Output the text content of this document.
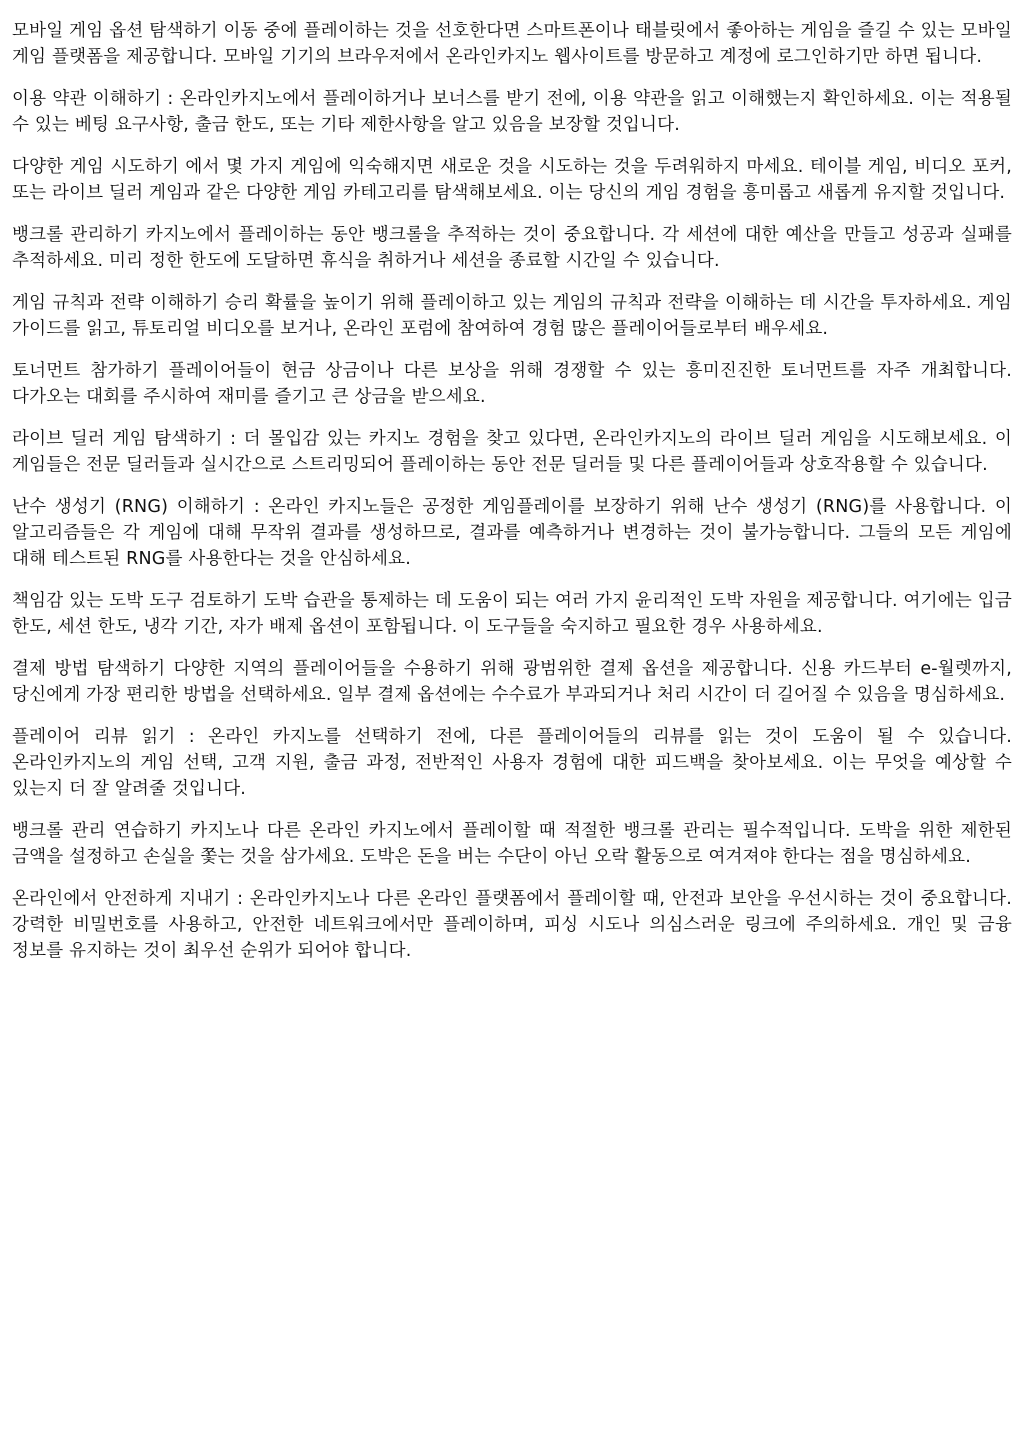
모바일 게임 옵션 탐색하기 이동 중에 플레이하는 것을 선호한다면 스마트폰이나 태블릿에서 좋아하는 게임을 즐길 수 있는 모바일 게임 플랫폼을 제공합니다. 모바일 기기의 브라우저에서 온라인카지노 웹사이트를 방문하고 계정에 로그인하기만 하면 됩니다.

이용 약관 이해하기 : 온라인카지노에서 플레이하거나 보너스를 받기 전에, 이용 약관을 읽고 이해했는지 확인하세요. 이는 적용될 수 있는 베팅 요구사항, 출금 한도, 또는 기타 제한사항을 알고 있음을 보장할 것입니다.

다양한 게임 시도하기 에서 몇 가지 게임에 익숙해지면 새로운 것을 시도하는 것을 두려워하지 마세요. 테이블 게임, 비디오 포커, 또는 라이브 딜러 게임과 같은 다양한 게임 카테고리를 탐색해보세요. 이는 당신의 게임 경험을 흥미롭고 새롭게 유지할 것입니다.

뱅크롤 관리하기 카지노에서 플레이하는 동안 뱅크롤을 추적하는 것이 중요합니다. 각 세션에 대한 예산을 만들고 성공과 실패를 추적하세요. 미리 정한 한도에 도달하면 휴식을 취하거나 세션을 종료할 시간일 수 있습니다.

게임 규칙과 전략 이해하기 승리 확률을 높이기 위해 플레이하고 있는 게임의 규칙과 전략을 이해하는 데 시간을 투자하세요. 게임 가이드를 읽고, 튜토리얼 비디오를 보거나, 온라인 포럼에 참여하여 경험 많은 플레이어들로부터 배우세요.

토너먼트 참가하기 플레이어들이 현금 상금이나 다른 보상을 위해 경쟁할 수 있는 흥미진진한 토너먼트를 자주 개최합니다. 다가오는 대회를 주시하여 재미를 즐기고 큰 상금을 받으세요.

라이브 딜러 게임 탐색하기 : 더 몰입감 있는 카지노 경험을 찾고 있다면, 온라인카지노의 라이브 딜러 게임을 시도해보세요. 이 게임들은 전문 딜러들과 실시간으로 스트리밍되어 플레이하는 동안 전문 딜러들 및 다른 플레이어들과 상호작용할 수 있습니다.

난수 생성기 (RNG) 이해하기 : 온라인 카지노들은 공정한 게임플레이를 보장하기 위해 난수 생성기 (RNG)를 사용합니다. 이 알고리즘들은 각 게임에 대해 무작위 결과를 생성하므로, 결과를 예측하거나 변경하는 것이 불가능합니다. 그들의 모든 게임에 대해 테스트된 RNG를 사용한다는 것을 안심하세요.

책임감 있는 도박 도구 검토하기 도박 습관을 통제하는 데 도움이 되는 여러 가지 윤리적인 도박 자원을 제공합니다. 여기에는 입금 한도, 세션 한도, 냉각 기간, 자가 배제 옵션이 포함됩니다. 이 도구들을 숙지하고 필요한 경우 사용하세요.

결제 방법 탐색하기 다양한 지역의 플레이어들을 수용하기 위해 광범위한 결제 옵션을 제공합니다. 신용 카드부터 e-월렛까지, 당신에게 가장 편리한 방법을 선택하세요. 일부 결제 옵션에는 수수료가 부과되거나 처리 시간이 더 길어질 수 있음을 명심하세요.

플레이어 리뷰 읽기 : 온라인 카지노를 선택하기 전에, 다른 플레이어들의 리뷰를 읽는 것이 도움이 될 수 있습니다. 온라인카지노의 게임 선택, 고객 지원, 출금 과정, 전반적인 사용자 경험에 대한 피드백을 찾아보세요. 이는 무엇을 예상할 수 있는지 더 잘 알려줄 것입니다.

뱅크롤 관리 연습하기 카지노나 다른 온라인 카지노에서 플레이할 때 적절한 뱅크롤 관리는 필수적입니다. 도박을 위한 제한된 금액을 설정하고 손실을 쫓는 것을 삼가세요. 도박은 돈을 버는 수단이 아닌 오락 활동으로 여겨져야 한다는 점을 명심하세요.

온라인에서 안전하게 지내기 : 온라인카지노나 다른 온라인 플랫폼에서 플레이할 때, 안전과 보안을 우선시하는 것이 중요합니다. 강력한 비밀번호를 사용하고, 안전한 네트워크에서만 플레이하며, 피싱 시도나 의심스러운 링크에 주의하세요. 개인 및 금융 정보를 유지하는 것이 최우선 순위가 되어야 합니다.
